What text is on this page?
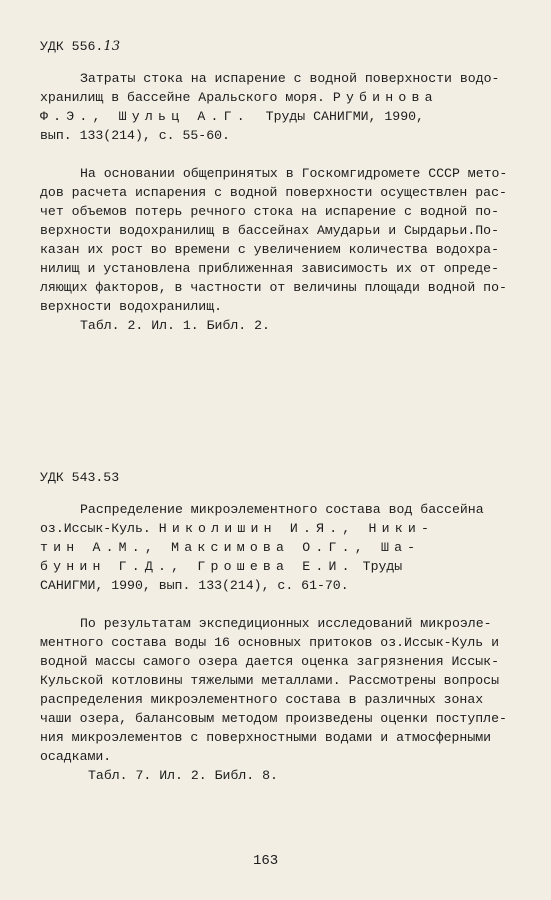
УДК 556.13
Затраты стока на испарение с водной поверхности водо-
хранилищ в бассейне Аральского моря. Рубинова
Ф.Э., Шульц А.Г. Труды САНИГМИ, 1990,
вып. 133(214), с. 55-60.
На основании общепринятых в Госкомгидромете СССР мето-
дов расчета испарения с водной поверхности осуществлен рас-
чет объемов потерь речного стока на испарение с водной по-
верхности водохранилищ в бассейнах Амударьи и Сырдарьи.По-
казан их рост во времени с увеличением количества водохра-
нилищ и установлена приближенная зависимость их от опреде-
ляющих факторов, в частности от величины площади водной по-
верхности водохранилищ.
Табл. 2. Ил. 1. Библ. 2.
УДК 543.53
Распределение микроэлементного состава вод бассейна
оз.Иссык-Куль. Николишин И.Я., Ники-
тин А.М., Максимова О.Г., Ша-
бунин Г.Д., Грошева Е.И. Труды
САНИГМИ, 1990, вып. 133(214), с. 61-70.
По результатам экспедиционных исследований микроэле-
ментного состава воды 16 основных притоков оз.Иссык-Куль и
водной массы самого озера дается оценка загрязнения Иссык-
Кульской котловины тяжелыми металлами. Рассмотрены вопросы
распределения микроэлементного состава в различных зонах
чаши озера, балансовым методом произведены оценки поступле-
ния микроэлементов с поверхностными водами и атмосферными
осадками.
Табл. 7. Ил. 2. Библ. 8.
163
